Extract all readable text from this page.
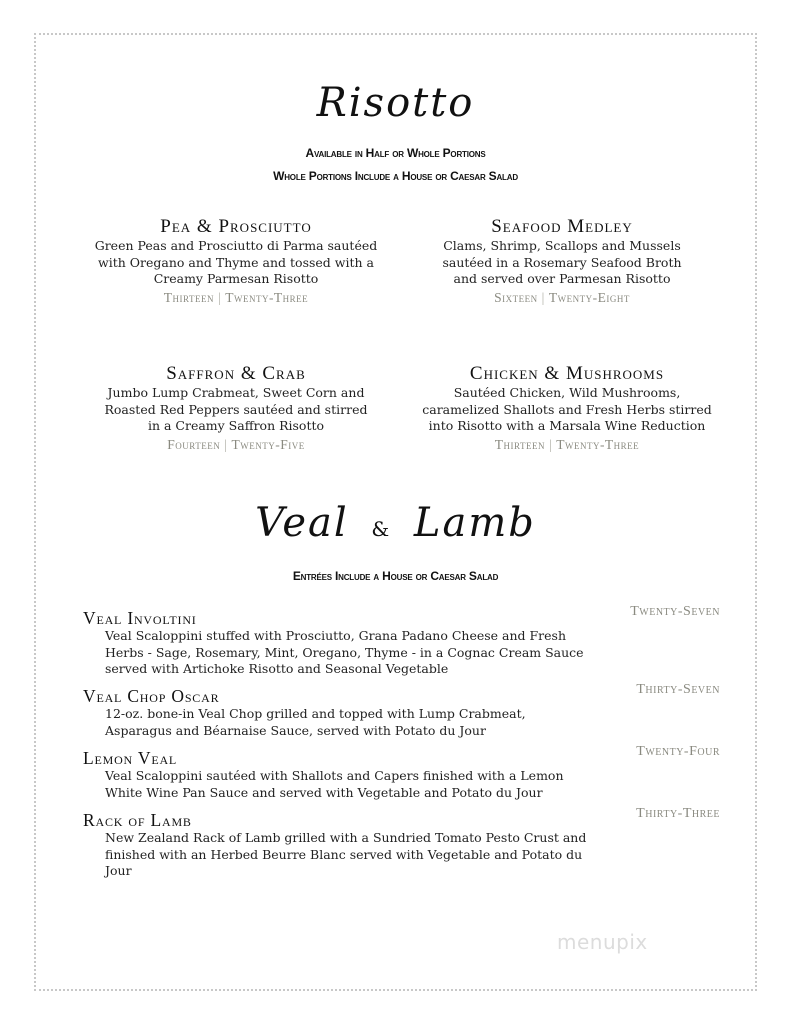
Risotto
Available in Half or Whole Portions
Whole Portions Include a House or Caesar Salad
Pea & Prosciutto
Green Peas and Prosciutto di Parma sautéed
with Oregano and Thyme and tossed with a
Creamy Parmesan Risotto
Thirteen | Twenty-Three
Seafood Medley
Clams, Shrimp, Scallops and Mussels
sautéed in a Rosemary Seafood Broth
and served over Parmesan Risotto
Sixteen | Twenty-Eight
Saffron & Crab
Jumbo Lump Crabmeat, Sweet Corn and
Roasted Red Peppers sautéed and stirred
in a Creamy Saffron Risotto
Fourteen | Twenty-Five
Chicken & Mushrooms
Sautéed Chicken, Wild Mushrooms,
caramelized Shallots and Fresh Herbs stirred
into Risotto with a Marsala Wine Reduction
Thirteen | Twenty-Three
Veal & Lamb
Entrées Include a House or Caesar Salad
Veal Involtini	Twenty-Seven
Veal Scaloppini stuffed with Prosciutto, Grana Padano Cheese and Fresh
Herbs - Sage, Rosemary, Mint, Oregano, Thyme - in a Cognac Cream Sauce
served with Artichoke Risotto and Seasonal Vegetable
Veal Chop Oscar	Thirty-Seven
12-oz. bone-in Veal Chop grilled and topped with Lump Crabmeat,
Asparagus and Béarnaise Sauce, served with Potato du Jour
Lemon Veal	Twenty-Four
Veal Scaloppini sautéed with Shallots and Capers finished with a Lemon
White Wine Pan Sauce and served with Vegetable and Potato du Jour
Rack of Lamb	Thirty-Three
New Zealand Rack of Lamb grilled with a Sundried Tomato Pesto Crust and
finished with an Herbed Beurre Blanc served with Vegetable and Potato du
Jour
menupix
